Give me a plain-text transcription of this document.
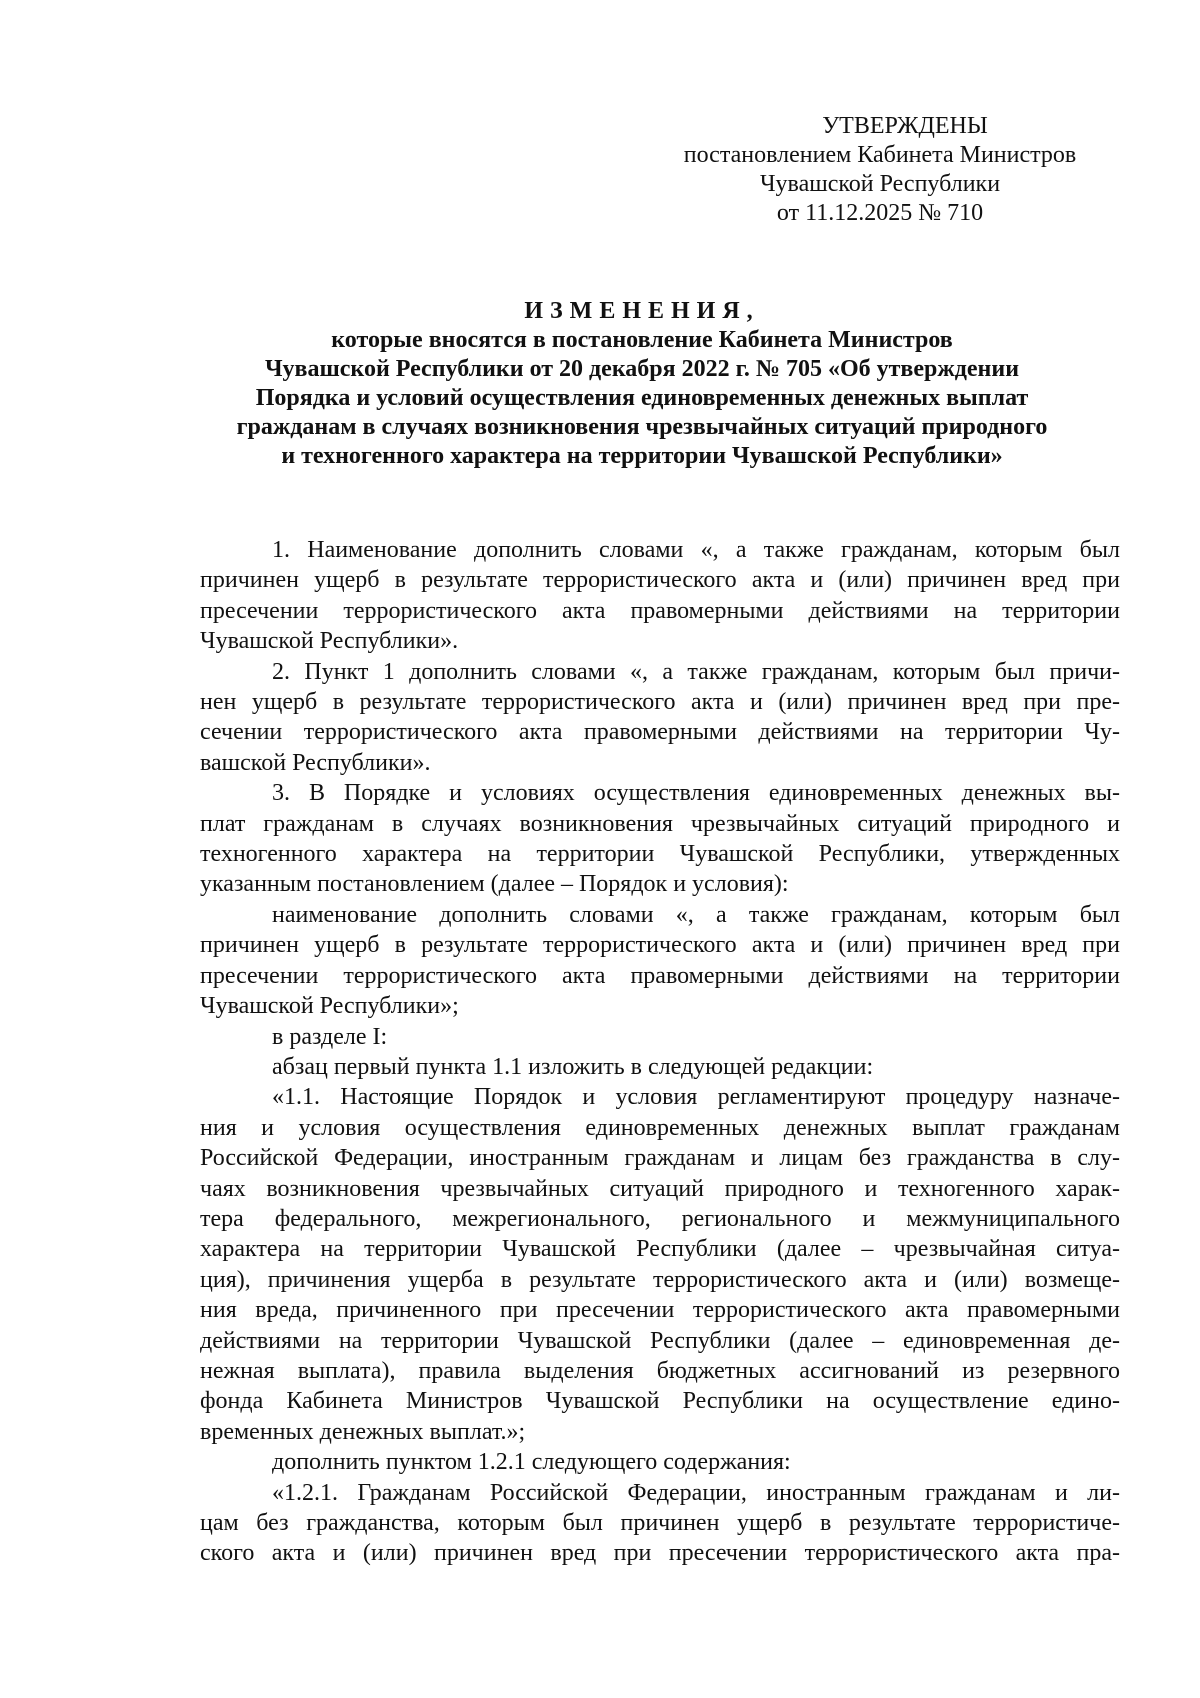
УТВЕРЖДЕНЫ
постановлением Кабинета Министров
Чувашской Республики
от 11.12.2025 № 710
ИЗМЕНЕНИЯ,
которые вносятся в постановление Кабинета Министров
Чувашской Республики от 20 декабря 2022 г. № 705 «Об утверждении
Порядка и условий осуществления единовременных денежных выплат
гражданам в случаях возникновения чрезвычайных ситуаций природного
и техногенного характера на территории Чувашской Республики»

1. Наименование дополнить словами «, а также гражданам, которым был
причинен ущерб в результате террористического акта и (или) причинен вред при
пресечении террористического акта правомерными действиями на территории
Чувашской Республики».

2. Пункт 1 дополнить словами «, а также гражданам, которым был причи-
нен ущерб в результате террористического акта и (или) причинен вред при пре-
сечении террористического акта правомерными действиями на территории Чу-
вашской Республики».

3. В Порядке и условиях осуществления единовременных денежных вы-
плат гражданам в случаях возникновения чрезвычайных ситуаций природного и
техногенного характера на территории Чувашской Республики, утвержденных
указанным постановлением (далее – Порядок и условия):

наименование дополнить словами «, а также гражданам, которым был
причинен ущерб в результате террористического акта и (или) причинен вред при
пресечении террористического акта правомерными действиями на территории
Чувашской Республики»;

в разделе I:

абзац первый пункта 1.1 изложить в следующей редакции:

«1.1. Настоящие Порядок и условия регламентируют процедуру назначе-
ния и условия осуществления единовременных денежных выплат гражданам
Российской Федерации, иностранным гражданам и лицам без гражданства в слу-
чаях возникновения чрезвычайных ситуаций природного и техногенного харак-
тера федерального, межрегионального, регионального и межмуниципального
характера на территории Чувашской Республики (далее – чрезвычайная ситуа-
ция), причинения ущерба в результате террористического акта и (или) возмеще-
ния вреда, причиненного при пресечении террористического акта правомерными
действиями на территории Чувашской Республики (далее – единовременная де-
нежная выплата), правила выделения бюджетных ассигнований из резервного
фонда Кабинета Министров Чувашской Республики на осуществление едино-
временных денежных выплат.»;

дополнить пунктом 1.2.1 следующего содержания:

«1.2.1. Гражданам Российской Федерации, иностранным гражданам и ли-
цам без гражданства, которым был причинен ущерб в результате террористиче-
ского акта и (или) причинен вред при пресечении террористического акта пра-
